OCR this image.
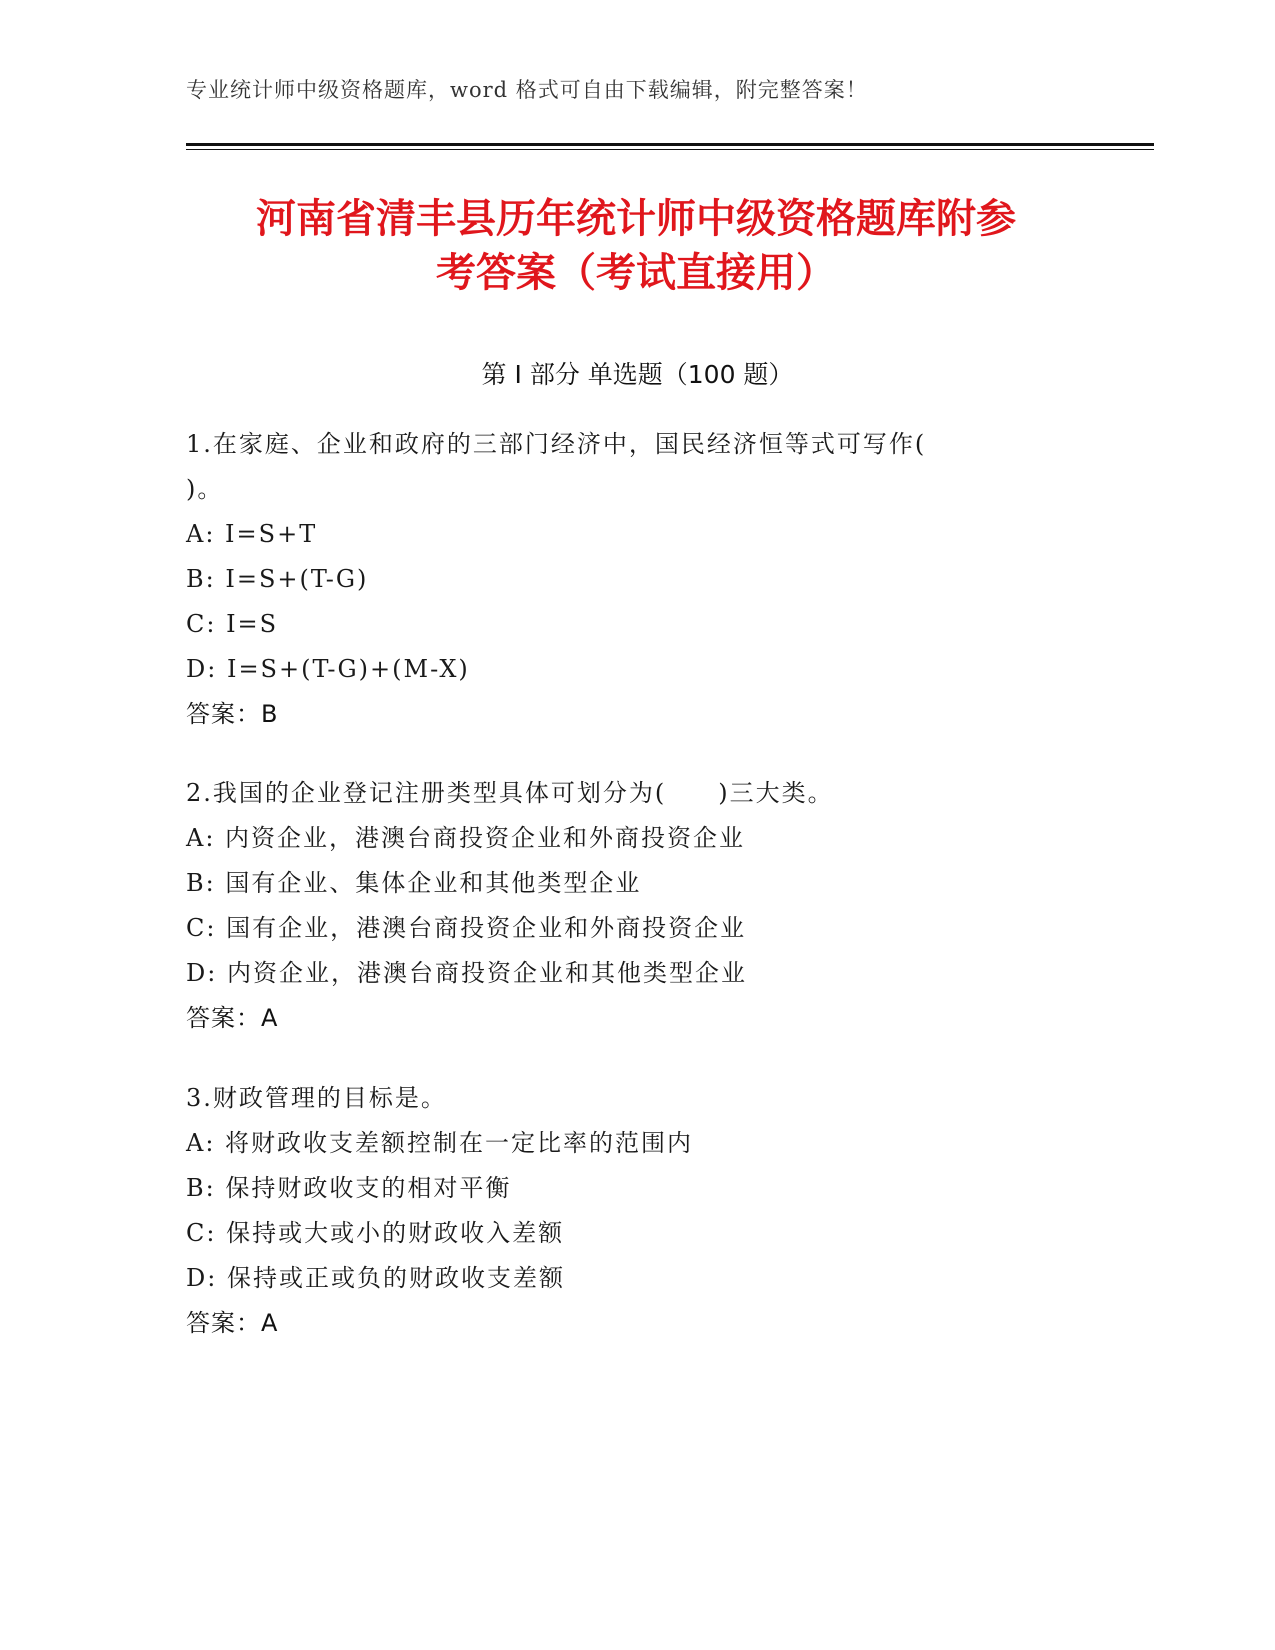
专业统计师中级资格题库，word 格式可自由下载编辑，附完整答案！
河南省清丰县历年统计师中级资格题库附参
考答案（考试直接用）
第 I 部分 单选题（100 题）
1.在家庭、企业和政府的三部门经济中，国民经济恒等式可写作(
)。
A: I=S+T
B: I=S+(T-G)
C: I=S
D: I=S+(T-G)+(M-X)
答案：B
2.我国的企业登记注册类型具体可划分为(　　)三大类。
A: 内资企业，港澳台商投资企业和外商投资企业
B: 国有企业、集体企业和其他类型企业
C: 国有企业，港澳台商投资企业和外商投资企业
D: 内资企业，港澳台商投资企业和其他类型企业
答案：A
3.财政管理的目标是。
A: 将财政收支差额控制在一定比率的范围内
B: 保持财政收支的相对平衡
C: 保持或大或小的财政收入差额
D: 保持或正或负的财政收支差额
答案：A
